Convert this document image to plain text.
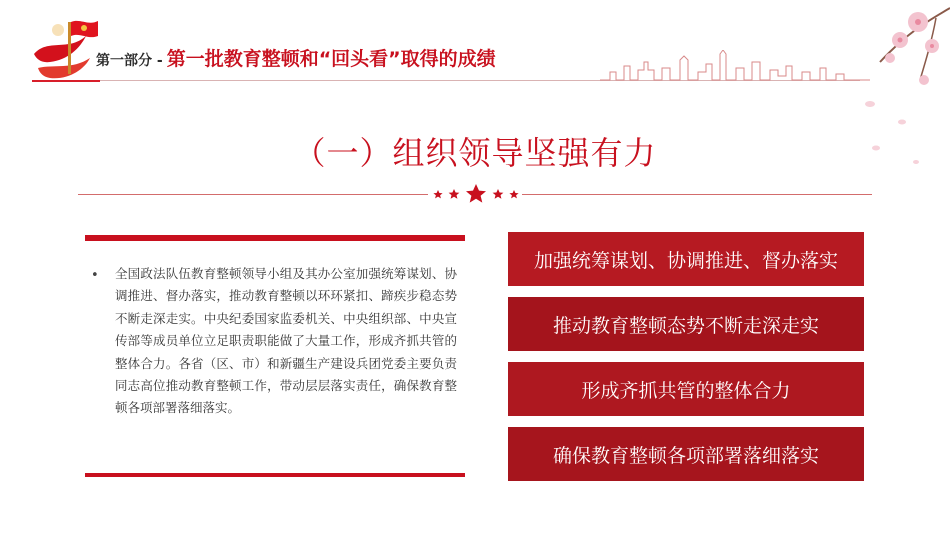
第一部分 - 第一批教育整顿和“回头看”取得的成绩
（一）组织领导坚强有力
• 全国政法队伍教育整顿领导小组及其办公室加强统筹谋划、协调推进、督办落实，推动教育整顿以环环紧扣、蹄疾步稳态势不断走深走实。中央纪委国家监委机关、中央组织部、中央宣传部等成员单位立足职责职能做了大量工作，形成齐抓共管的整体合力。各省（区、市）和新疆生产建设兵团党委主要负责同志高位推动教育整顿工作，带动层层落实责任，确保教育整顿各项部署落细落实。

加强统筹谋划、协调推进、督办落实
推动教育整顿态势不断走深走实
形成齐抓共管的整体合力
确保教育整顿各项部署落细落实
